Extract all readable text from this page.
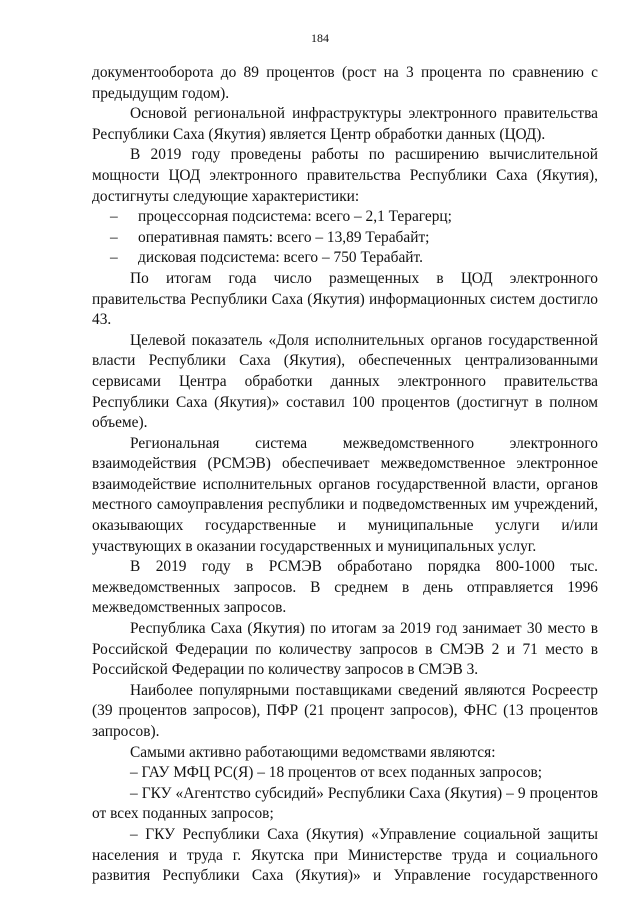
184

документооборота до 89 процентов (рост на 3 процента по сравнению с предыдущим годом).

Основой региональной инфраструктуры электронного правительства Республики Саха (Якутия) является Центр обработки данных (ЦОД).

В 2019 году проведены работы по расширению вычислительной мощности ЦОД электронного правительства Республики Саха (Якутия), достигнуты следующие характеристики:

–	процессорная подсистема: всего – 2,1 Терагерц;
–	оперативная память: всего – 13,89 Терабайт;
–	дисковая подсистема: всего – 750 Терабайт.

По итогам года число размещенных в ЦОД электронного правительства Республики Саха (Якутия) информационных систем достигло 43.

Целевой показатель «Доля исполнительных органов государственной власти Республики Саха (Якутия), обеспеченных централизованными сервисами Центра обработки данных электронного правительства Республики Саха (Якутия)» составил 100 процентов (достигнут в полном объеме).

Региональная система межведомственного электронного взаимодействия (РСМЭВ) обеспечивает межведомственное электронное взаимодействие исполнительных органов государственной власти, органов местного самоуправления республики и подведомственных им учреждений, оказывающих государственные и муниципальные услуги и/или участвующих в оказании государственных и муниципальных услуг.

В 2019 году в РСМЭВ обработано порядка 800-1000 тыс. межведомственных запросов. В среднем в день отправляется 1996 межведомственных запросов.

Республика Саха (Якутия) по итогам за 2019 год занимает 30 место в Российской Федерации по количеству запросов в СМЭВ 2 и 71 место в Российской Федерации по количеству запросов в СМЭВ 3.

Наиболее популярными поставщиками сведений являются Росреестр (39 процентов запросов), ПФР (21 процент запросов), ФНС (13 процентов запросов).

Самыми активно работающими ведомствами являются:

– ГАУ МФЦ РС(Я) – 18 процентов от всех поданных запросов;

– ГКУ «Агентство субсидий» Республики Саха (Якутия) – 9 процентов от всех поданных запросов;

– ГКУ Республики Саха (Якутия) «Управление социальной защиты населения и труда г. Якутска при Министерстве труда и социального развития Республики Саха (Якутия)» и Управление государственного
